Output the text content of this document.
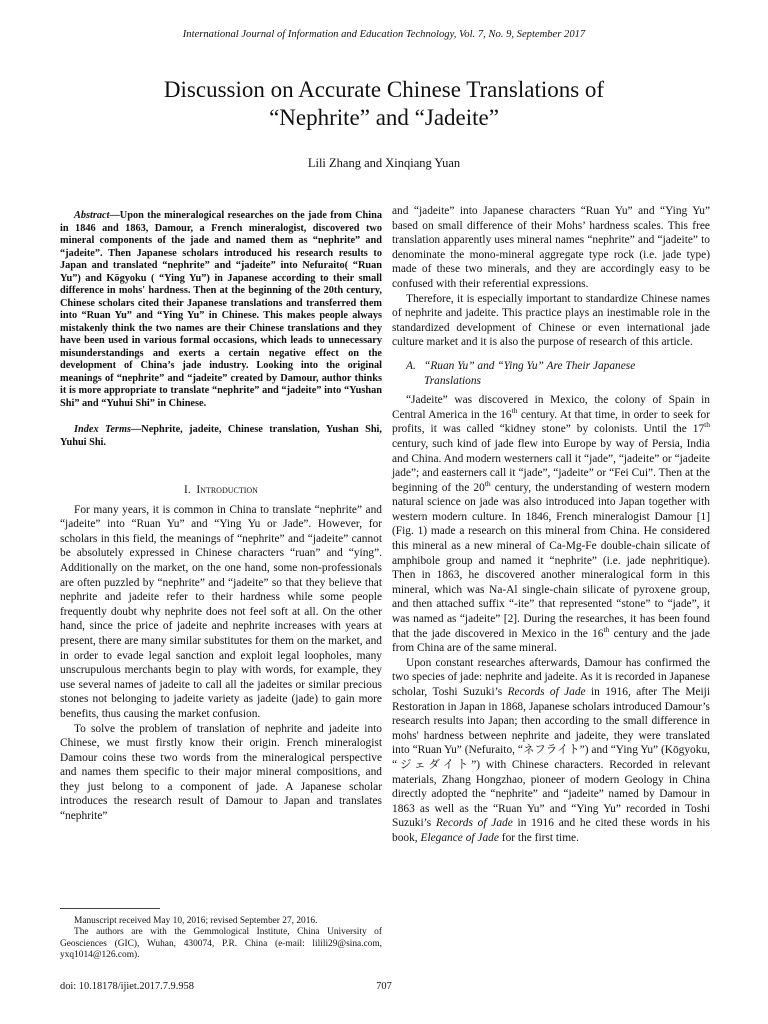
International Journal of Information and Education Technology, Vol. 7, No. 9, September 2017
Discussion on Accurate Chinese Translations of
“Nephrite” and “Jadeite”
Lili Zhang and Xinqiang Yuan

Abstract—Upon the mineralogical researches on the jade from China in 1846 and 1863, Damour, a French mineralogist, discovered two mineral components of the jade and named them as “nephrite” and “jadeite”. Then Japanese scholars introduced his research results to Japan and translated “nephrite” and “jadeite” into Nefuraito( “Ruan Yu”) and Kōgyoku ( “Ying Yu”) in Japanese according to their small difference in mohs' hardness. Then at the beginning of the 20th century, Chinese scholars cited their Japanese translations and transferred them into “Ruan Yu” and “Ying Yu” in Chinese. This makes people always mistakenly think the two names are their Chinese translations and they have been used in various formal occasions, which leads to unnecessary misunderstandings and exerts a certain negative effect on the development of China’s jade industry. Looking into the original meanings of “nephrite” and “jadeite” created by Damour, author thinks it is more appropriate to translate “nephrite” and “jadeite” into “Yushan Shi” and “Yuhui Shi” in Chinese.

Index Terms—Nephrite, jadeite, Chinese translation, Yushan Shi, Yuhui Shi.

I. Introduction

For many years, it is common in China to translate “nephrite” and “jadeite” into “Ruan Yu” and “Ying Yu or Jade”. However, for scholars in this field, the meanings of “nephrite” and “jadeite” cannot be absolutely expressed in Chinese characters “ruan” and “ying”. Additionally on the market, on the one hand, some non-professionals are often puzzled by “nephrite” and “jadeite” so that they believe that nephrite and jadeite refer to their hardness while some people frequently doubt why nephrite does not feel soft at all. On the other hand, since the price of jadeite and nephrite increases with years at present, there are many similar substitutes for them on the market, and in order to evade legal sanction and exploit legal loopholes, many unscrupulous merchants begin to play with words, for example, they use several names of jadeite to call all the jadeites or similar precious stones not belonging to jadeite variety as jadeite (jade) to gain more benefits, thus causing the market confusion.

To solve the problem of translation of nephrite and jadeite into Chinese, we must firstly know their origin. French mineralogist Damour coins these two words from the mineralogical perspective and names them specific to their major mineral compositions, and they just belong to a component of jade. A Japanese scholar introduces the research result of Damour to Japan and translates “nephrite”

and “jadeite” into Japanese characters “Ruan Yu” and “Ying Yu” based on small difference of their Mohs’ hardness scales. This free translation apparently uses mineral names “nephrite” and “jadeite” to denominate the mono-mineral aggregate type rock (i.e. jade type) made of these two minerals, and they are accordingly easy to be confused with their referential expressions.

Therefore, it is especially important to standardize Chinese names of nephrite and jadeite. This practice plays an inestimable role in the standardized development of Chinese or even international jade culture market and it is also the purpose of research of this article.

A. “Ruan Yu” and “Ying Yu” Are Their Japanese
Translations

“Jadeite” was discovered in Mexico, the colony of Spain in Central America in the 16th century. At that time, in order to seek for profits, it was called “kidney stone” by colonists. Until the 17th century, such kind of jade flew into Europe by way of Persia, India and China. And modern westerners call it “jade”, “jadeite” or “jadeite jade”; and easterners call it “jade”, “jadeite” or “Fei Cui”. Then at the beginning of the 20th century, the understanding of western modern natural science on jade was also introduced into Japan together with western modern culture. In 1846, French mineralogist Damour [1] (Fig. 1) made a research on this mineral from China. He considered this mineral as a new mineral of Ca-Mg-Fe double-chain silicate of amphibole group and named it “nephrite” (i.e. jade nephritique). Then in 1863, he discovered another mineralogical form in this mineral, which was Na-Al single-chain silicate of pyroxene group, and then attached suffix “-ite” that represented “stone” to “jade”, it was named as “jadeite” [2]. During the researches, it has been found that the jade discovered in Mexico in the 16th century and the jade from China are of the same mineral.

Upon constant researches afterwards, Damour has confirmed the two species of jade: nephrite and jadeite. As it is recorded in Japanese scholar, Toshi Suzuki’s Records of Jade in 1916, after The Meiji Restoration in Japan in 1868, Japanese scholars introduced Damour’s research results into Japan; then according to the small difference in mohs' hardness between nephrite and jadeite, they were translated into “Ruan Yu” (Nefuraito, “ネフライト”) and “Ying Yu” (Kōgyoku, “ジェダイト”) with Chinese characters. Recorded in relevant materials, Zhang Hongzhao, pioneer of modern Geology in China directly adopted the “nephrite” and “jadeite” named by Damour in 1863 as well as the “Ruan Yu” and “Ying Yu” recorded in Toshi Suzuki’s Records of Jade in 1916 and he cited these words in his book, Elegance of Jade for the first time.

Manuscript received May 10, 2016; revised September 27, 2016.

The authors are with the Gemmological Institute, China University of Geosciences (GIC), Wuhan, 430074, P.R. China (e-mail: lilili29@sina.com, yxq1014@126.com).

doi: 10.18178/ijiet.2017.7.9.958	707
